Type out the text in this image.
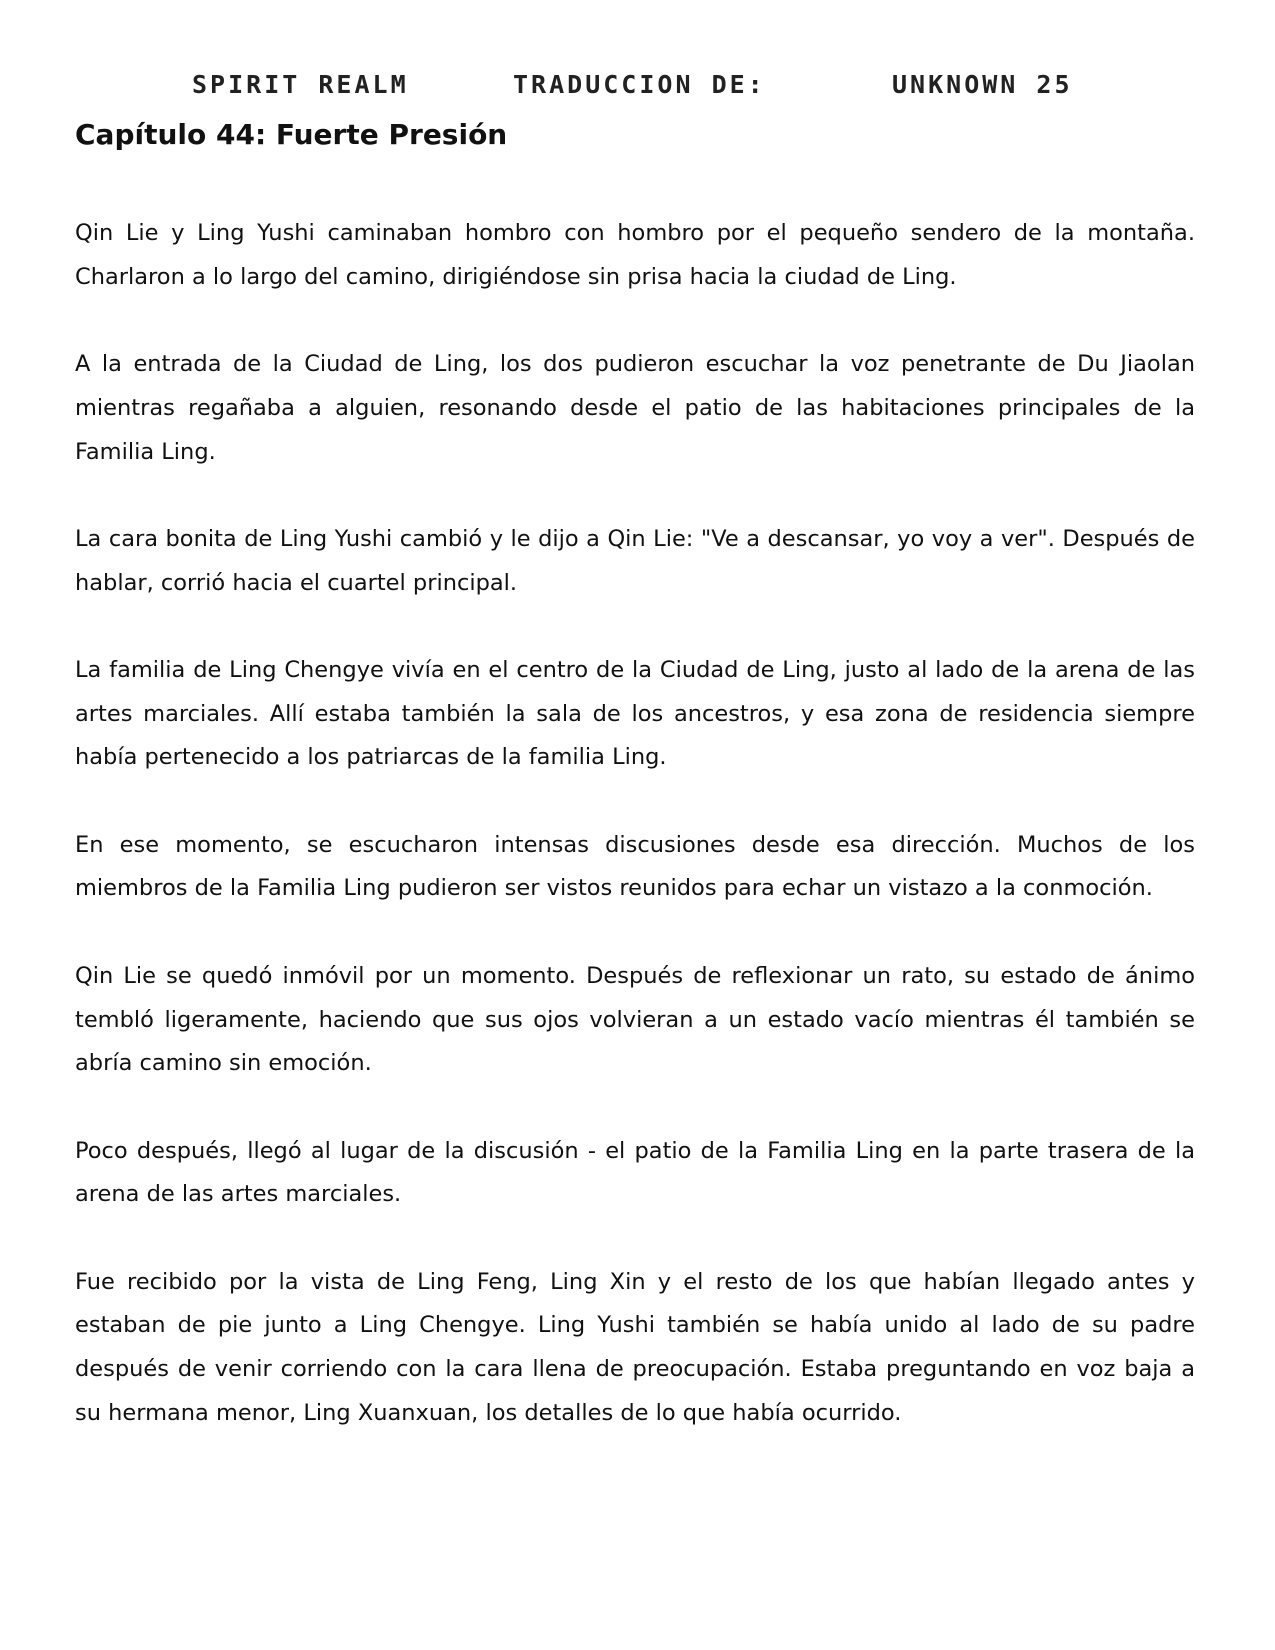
SPIRIT REALM	TRADUCCION DE:	UNKNOWN 25
Capítulo 44: Fuerte Presión

Qin Lie y Ling Yushi caminaban hombro con hombro por el pequeño sendero de la montaña. Charlaron a lo largo del camino, dirigiéndose sin prisa hacia la ciudad de Ling.

A la entrada de la Ciudad de Ling, los dos pudieron escuchar la voz penetrante de Du Jiaolan mientras regañaba a alguien, resonando desde el patio de las habitaciones principales de la Familia Ling.

La cara bonita de Ling Yushi cambió y le dijo a Qin Lie: "Ve a descansar, yo voy a ver". Después de hablar, corrió hacia el cuartel principal.

La familia de Ling Chengye vivía en el centro de la Ciudad de Ling, justo al lado de la arena de las artes marciales. Allí estaba también la sala de los ancestros, y esa zona de residencia siempre había pertenecido a los patriarcas de la familia Ling.

En ese momento, se escucharon intensas discusiones desde esa dirección. Muchos de los miembros de la Familia Ling pudieron ser vistos reunidos para echar un vistazo a la conmoción.

Qin Lie se quedó inmóvil por un momento. Después de reflexionar un rato, su estado de ánimo tembló ligeramente, haciendo que sus ojos volvieran a un estado vacío mientras él también se abría camino sin emoción.

Poco después, llegó al lugar de la discusión - el patio de la Familia Ling en la parte trasera de la arena de las artes marciales.

Fue recibido por la vista de Ling Feng, Ling Xin y el resto de los que habían llegado antes y estaban de pie junto a Ling Chengye. Ling Yushi también se había unido al lado de su padre después de venir corriendo con la cara llena de preocupación. Estaba preguntando en voz baja a su hermana menor, Ling Xuanxuan, los detalles de lo que había ocurrido.
